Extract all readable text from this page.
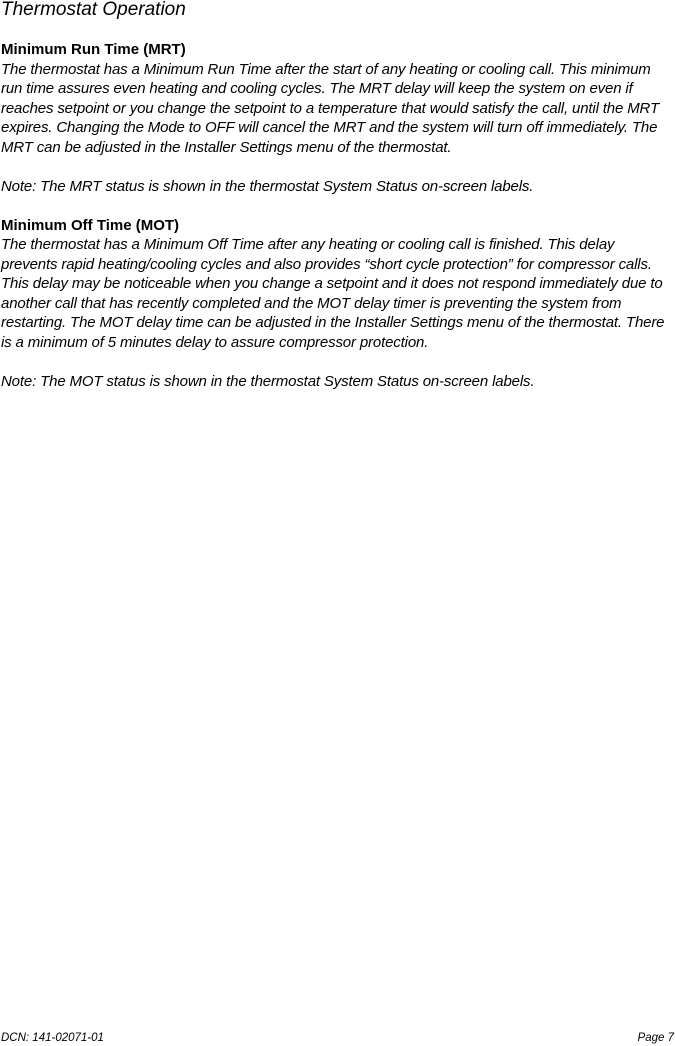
Thermostat Operation

Minimum Run Time (MRT)

The thermostat has a Minimum Run Time after the start of any heating or cooling call. This minimum run time assures even heating and cooling cycles. The MRT delay will keep the system on even if reaches setpoint or you change the setpoint to a temperature that would satisfy the call, until the MRT expires. Changing the Mode to OFF will cancel the MRT and the system will turn off immediately. The MRT can be adjusted in the Installer Settings menu of the thermostat.

Note: The MRT status is shown in the thermostat System Status on-screen labels.

Minimum Off Time (MOT)

The thermostat has a Minimum Off Time after any heating or cooling call is finished. This delay prevents rapid heating/cooling cycles and also provides “short cycle protection” for compressor calls. This delay may be noticeable when you change a setpoint and it does not respond immediately due to another call that has recently completed and the MOT delay timer is preventing the system from restarting. The MOT delay time can be adjusted in the Installer Settings menu of the thermostat. There is a minimum of 5 minutes delay to assure compressor protection.

Note: The MOT status is shown in the thermostat System Status on-screen labels.

DCN: 141-02071-01	Page 7
